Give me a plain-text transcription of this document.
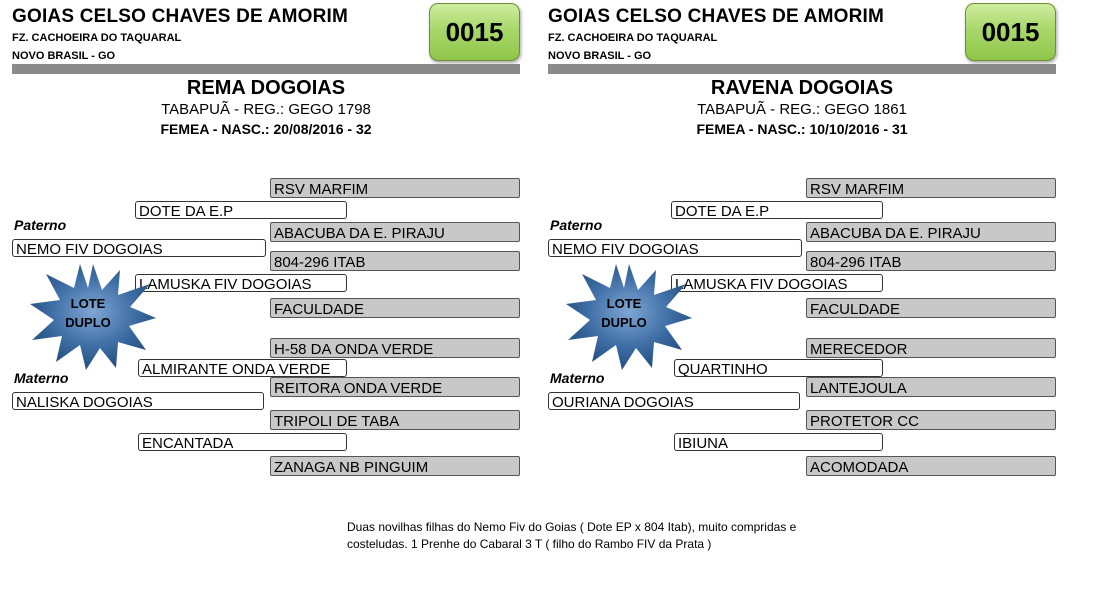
GOIAS CELSO CHAVES DE AMORIM
FZ. CACHOEIRA DO TAQUARAL
NOVO BRASIL - GO
0015
REMA DOGOIAS
TABAPUÃ - REG.: GEGO 1798
FEMEA - NASC.: 20/08/2016 - 32
RSV MARFIM
DOTE DA E.P
Paterno	ABACUBA DA E. PIRAJU
NEMO FIV DOGOIAS
804-296 ITAB
LAMUSKA FIV DOGOIAS
FACULDADE
H-58 DA ONDA VERDE
ALMIRANTE ONDA VERDE
Materno
REITORA ONDA VERDE
NALISKA DOGOIAS
TRIPOLI DE TABA
ENCANTADA
ZANAGA NB PINGUIM
LOTE
DUPLO
GOIAS CELSO CHAVES DE AMORIM
FZ. CACHOEIRA DO TAQUARAL
NOVO BRASIL - GO
0015
RAVENA DOGOIAS
TABAPUÃ - REG.: GEGO 1861
FEMEA - NASC.: 10/10/2016 - 31
RSV MARFIM
DOTE DA E.P
Paterno	ABACUBA DA E. PIRAJU
NEMO FIV DOGOIAS
804-296 ITAB
LAMUSKA FIV DOGOIAS
FACULDADE
MERECEDOR
QUARTINHO
Materno
LANTEJOULA
OURIANA DOGOIAS
PROTETOR CC
IBIUNA
ACOMODADA
LOTE
DUPLO
Duas novilhas filhas do Nemo Fiv do Goias ( Dote EP x 804 Itab), muito compridas e
costeludas. 1 Prenhe do Cabaral 3 T ( filho do Rambo FIV da Prata )
